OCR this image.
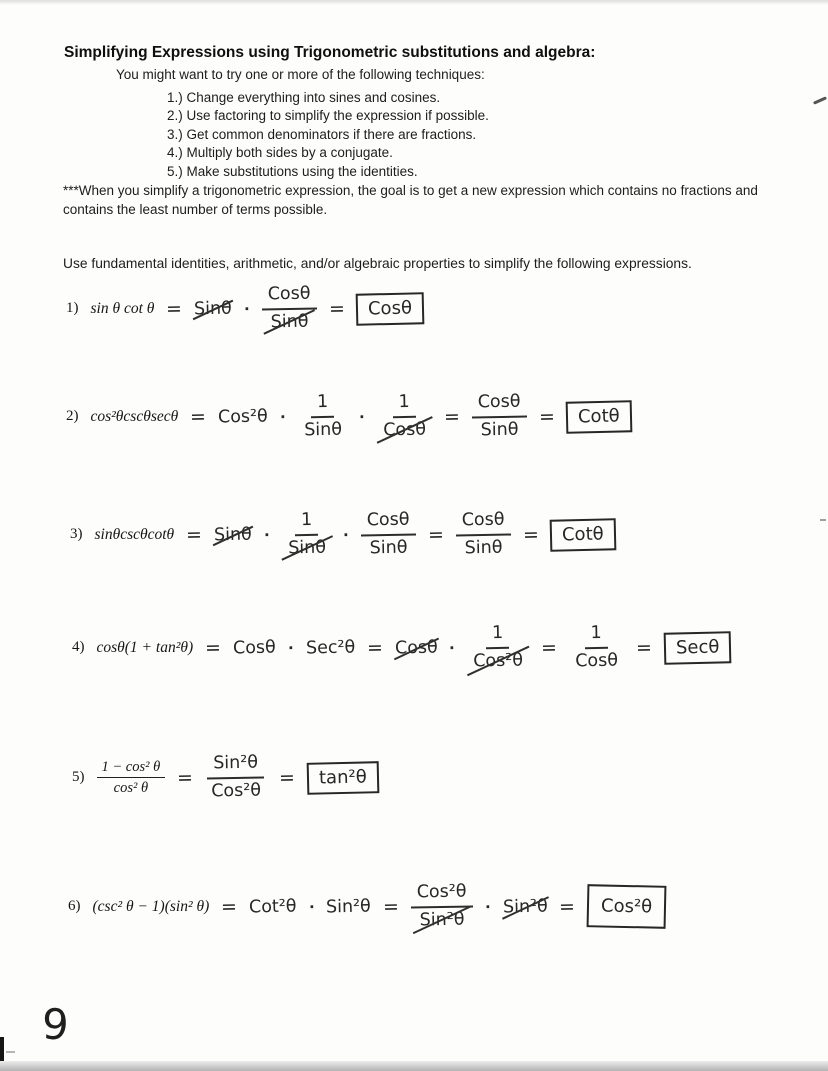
Simplifying Expressions using Trigonometric substitutions and algebra:
You might want to try one or more of the following techniques:
1.) Change everything into sines and cosines.
2.) Use factoring to simplify the expression if possible.
3.) Get common denominators if there are fractions.
4.) Multiply both sides by a conjugate.
5.) Make substitutions using the identities.
***When you simplify a trigonometric expression, the goal is to get a new expression which contains no fractions and contains the least number of terms possible.
Use fundamental identities, arithmetic, and/or algebraic properties to simplify the following expressions.
1) sin θ $\cot \theta = Sin\theta \cdot \frac{\text{Cosθ}}{\text{Sinθ}}$ =	Cosθ
2) $\cos^2\theta\csc\theta\sec\theta = Cos^2\theta \cdot \frac{1}{\text{Sinθ}} \cdot \frac{1}{\text{Cosθ}} = \frac{\text{Cosθ}}{\text{Sinθ}}$ =	Cotθ
3) $\sin\theta\csc\theta\cot\theta = Sin\theta \cdot \frac{1}{\text{Sinθ}} \cdot \frac{\text{Cosθ}}{\text{Sinθ}} = \frac{\text{Cosθ}}{\text{Sinθ}}$ =	Cotθ
4) $\cos\theta(1 + \tan^2\theta) = Cos\theta \cdot Sec^2\theta = Cos\theta \cdot \frac{1}{\text{Cos²θ}} = \frac{1}{\text{Cosθ}}$ =	Secθ
$5) \frac{\text{1 − cos² θ}}{\text{cos² θ}} = \frac{\text{Sin²θ}}{\text{Cos²θ}}$ =	tan²θ
6) (csc² θ − 1)(sin² $\theta) = Cot^2\theta \cdot Sin^2\theta = \frac{\text{Cos²θ}}{\text{Sin²θ}} \cdot Sin^2\theta$ =	Cos²θ
9
